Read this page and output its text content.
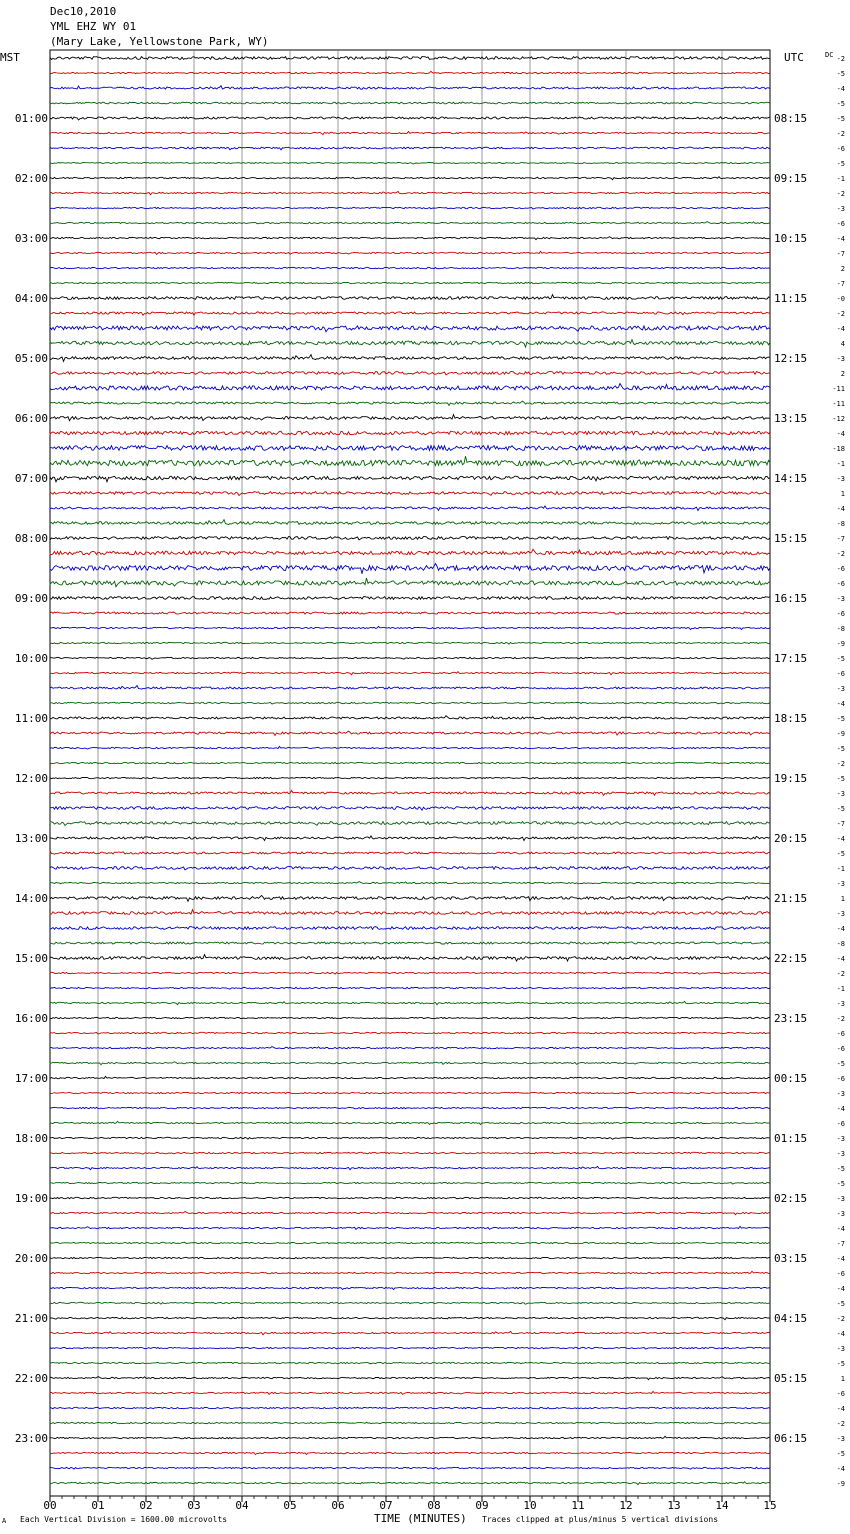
Dec10,2010
YML EHZ WY 01
(Mary Lake, Yellowstone Park, WY)
00	01	02	03	04	05	06	07	08	09	10	11	12	13	14	15
-2
-5
-4
-5
-5
-2
-6
-5
-1
-2
-3
-6
-4
-7
2
-7
-0
-2
-4
4
-3
2
-11
-11
-12
-4
-18
-1
-3
1
-4
-8
-7
-2
-6
-6
-3
-6
-8
-9
-5
-6
-3
-4
-5
-9
-5
-2
-5
-3
-5
-7
-4
-5
-1
-3
1
-3
-4
-8
-4
-2
-1
-3
-2
-6
-6
-5
-6
-3
-4
-6
-3
-3
-5
-5
-3
-3
-4
-7
-4
-6
-4
-5
-2
-4
-3
-5
1
-6
-4
-2
-3
-5
-4
-9
DC
MST	UTC
01:00
02:00
03:00
04:00
05:00
06:00
07:00
08:00
09:00
10:00
11:00
12:00
13:00
14:00
15:00
16:00
17:00
18:00
19:00
20:00
21:00
22:00
23:00
08:15
09:15
10:15
11:15
12:15
13:15
14:15
15:15
16:15
17:15
18:15
19:15
20:15
21:15
22:15
23:15
00:15
01:15
02:15
03:15
04:15
05:15
06:15
A Each Vertical Division = 1600.00 microvolts	TIME (MINUTES) Traces clipped at plus/minus 5 vertical divisions
